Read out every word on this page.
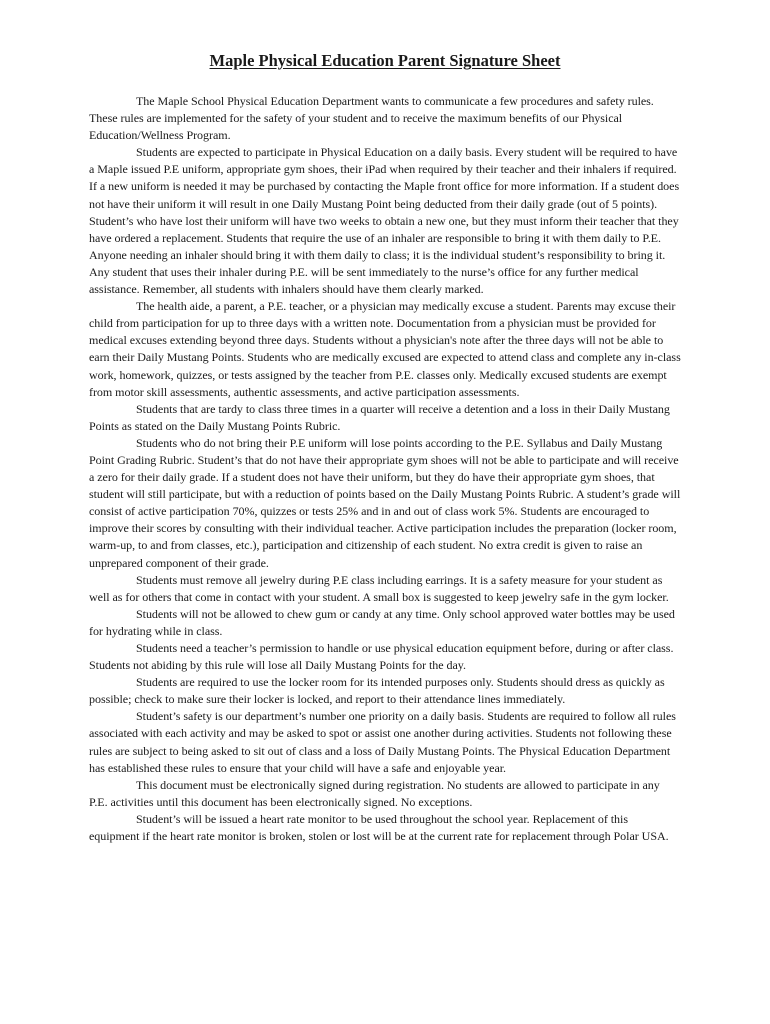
Maple Physical Education Parent Signature Sheet

The Maple School Physical Education Department wants to communicate a few procedures and safety rules. These rules are implemented for the safety of your student and to receive the maximum benefits of our Physical Education/Wellness Program.

Students are expected to participate in Physical Education on a daily basis. Every student will be required to have a Maple issued P.E uniform, appropriate gym shoes, their iPad when required by their teacher and their inhalers if required. If a new uniform is needed it may be purchased by contacting the Maple front office for more information. If a student does not have their uniform it will result in one Daily Mustang Point being deducted from their daily grade (out of 5 points). Student’s who have lost their uniform will have two weeks to obtain a new one, but they must inform their teacher that they have ordered a replacement. Students that require the use of an inhaler are responsible to bring it with them daily to P.E. Anyone needing an inhaler should bring it with them daily to class; it is the individual student’s responsibility to bring it. Any student that uses their inhaler during P.E. will be sent immediately to the nurse’s office for any further medical assistance. Remember, all students with inhalers should have them clearly marked.

The health aide, a parent, a P.E. teacher, or a physician may medically excuse a student. Parents may excuse their child from participation for up to three days with a written note. Documentation from a physician must be provided for medical excuses extending beyond three days. Students without a physician's note after the three days will not be able to earn their Daily Mustang Points. Students who are medically excused are expected to attend class and complete any in-class work, homework, quizzes, or tests assigned by the teacher from P.E. classes only. Medically excused students are exempt from motor skill assessments, authentic assessments, and active participation assessments.

Students that are tardy to class three times in a quarter will receive a detention and a loss in their Daily Mustang Points as stated on the Daily Mustang Points Rubric.

Students who do not bring their P.E uniform will lose points according to the P.E. Syllabus and Daily Mustang Point Grading Rubric. Student’s that do not have their appropriate gym shoes will not be able to participate and will receive a zero for their daily grade. If a student does not have their uniform, but they do have their appropriate gym shoes, that student will still participate, but with a reduction of points based on the Daily Mustang Points Rubric. A student’s grade will consist of active participation 70%, quizzes or tests 25% and in and out of class work 5%. Students are encouraged to improve their scores by consulting with their individual teacher. Active participation includes the preparation (locker room, warm-up, to and from classes, etc.), participation and citizenship of each student. No extra credit is given to raise an unprepared component of their grade.

Students must remove all jewelry during P.E class including earrings. It is a safety measure for your student as well as for others that come in contact with your student. A small box is suggested to keep jewelry safe in the gym locker.

Students will not be allowed to chew gum or candy at any time. Only school approved water bottles may be used for hydrating while in class.

Students need a teacher’s permission to handle or use physical education equipment before, during or after class. Students not abiding by this rule will lose all Daily Mustang Points for the day.

Students are required to use the locker room for its intended purposes only. Students should dress as quickly as possible; check to make sure their locker is locked, and report to their attendance lines immediately.

Student’s safety is our department’s number one priority on a daily basis. Students are required to follow all rules associated with each activity and may be asked to spot or assist one another during activities. Students not following these rules are subject to being asked to sit out of class and a loss of Daily Mustang Points. The Physical Education Department has established these rules to ensure that your child will have a safe and enjoyable year.

This document must be electronically signed during registration. No students are allowed to participate in any P.E. activities until this document has been electronically signed. No exceptions.

Student’s will be issued a heart rate monitor to be used throughout the school year. Replacement of this equipment if the heart rate monitor is broken, stolen or lost will be at the current rate for replacement through Polar USA.
